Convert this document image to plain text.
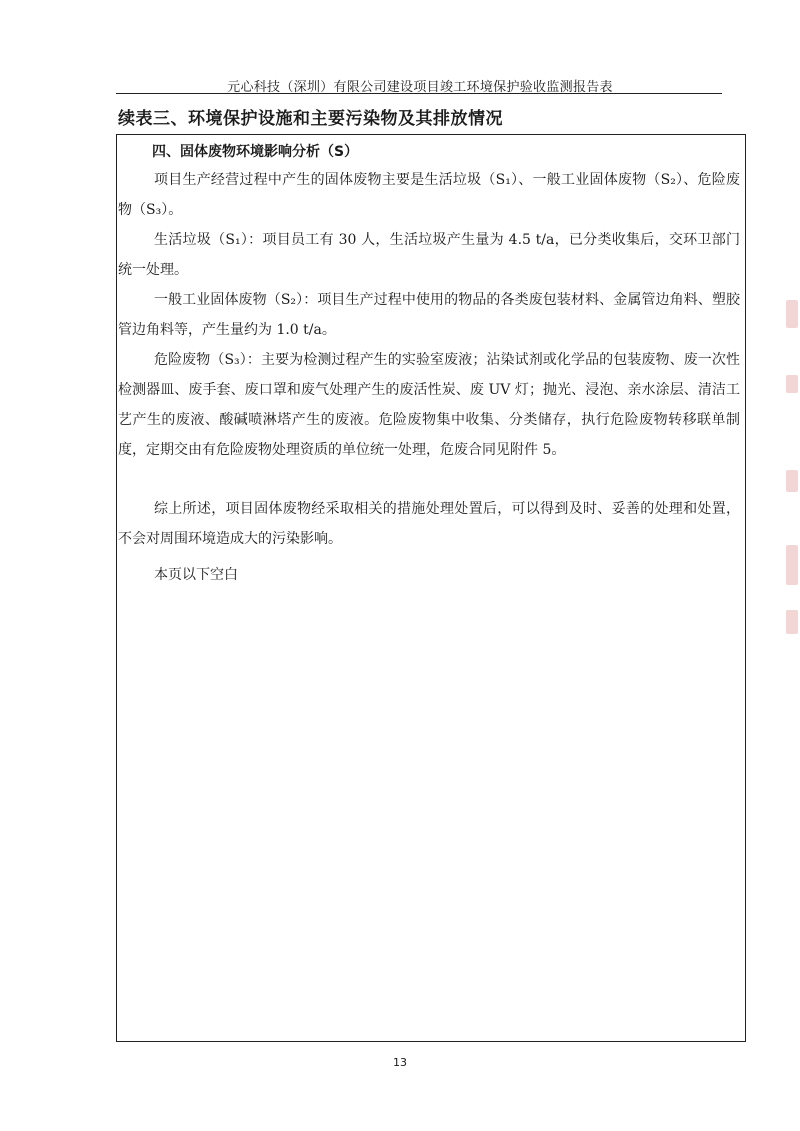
元心科技（深圳）有限公司建设项目竣工环境保护验收监测报告表
续表三、环境保护设施和主要污染物及其排放情况
四、固体废物环境影响分析（S）
项目生产经营过程中产生的固体废物主要是生活垃圾（S₁）、一般工业固体废物（S₂）、危险废物（S₃）。
生活垃圾（S₁）：项目员工有 30 人，生活垃圾产生量为 4.5 t/a，已分类收集后，交环卫部门统一处理。
一般工业固体废物（S₂）：项目生产过程中使用的物品的各类废包装材料、金属管边角料、塑胶管边角料等，产生量约为 1.0 t/a。
危险废物（S₃）：主要为检测过程产生的实验室废液；沾染试剂或化学品的包装废物、废一次性检测器皿、废手套、废口罩和废气处理产生的废活性炭、废 UV 灯；抛光、浸泡、亲水涂层、清洁工艺产生的废液、酸碱喷淋塔产生的废液。危险废物集中收集、分类储存，执行危险废物转移联单制度，定期交由有危险废物处理资质的单位统一处理，危废合同见附件 5。
综上所述，项目固体废物经采取相关的措施处理处置后，可以得到及时、妥善的处理和处置，不会对周围环境造成大的污染影响。
本页以下空白
13
